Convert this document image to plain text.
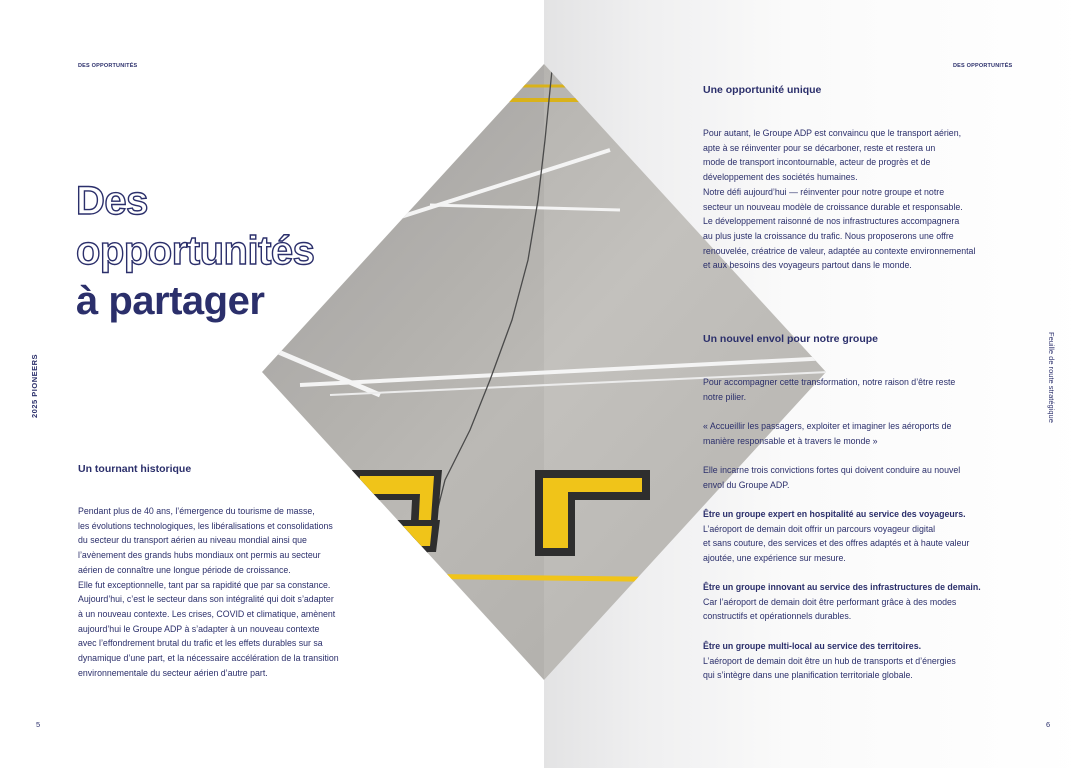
DES OPPORTUNITÉS	DES OPPORTUNITÉS
Des
opportunités
à partager
2025 PIONEERS	Feuille de route stratégique
Un tournant historique

Pendant plus de 40 ans, l’émergence du tourisme de masse,

les évolutions technologiques, les libéralisations et consolidations

du secteur du transport aérien au niveau mondial ainsi que

l’avènement des grands hubs mondiaux ont permis au secteur

aérien de connaître une longue période de croissance.

Elle fut exceptionnelle, tant par sa rapidité que par sa constance.

Aujourd’hui, c’est le secteur dans son intégralité qui doit s’adapter

à un nouveau contexte. Les crises, COVID et climatique, amènent

aujourd’hui le Groupe ADP à s’adapter à un nouveau contexte

avec l’effondrement brutal du trafic et les effets durables sur sa

dynamique d’une part, et la nécessaire accélération de la transition

environnementale du secteur aérien d’autre part.

Une opportunité unique

Pour autant, le Groupe ADP est convaincu que le transport aérien,

apte à se réinventer pour se décarboner, reste et restera un

mode de transport incontournable, acteur de progrès et de

développement des sociétés humaines.

Notre défi aujourd’hui — réinventer pour notre groupe et notre

secteur un nouveau modèle de croissance durable et responsable.

Le développement raisonné de nos infrastructures accompagnera

au plus juste la croissance du trafic. Nous proposerons une offre

renouvelée, créatrice de valeur, adaptée au contexte environnemental

et aux besoins des voyageurs partout dans le monde.

Un nouvel envol pour notre groupe

Pour accompagner cette transformation, notre raison d’être reste

notre pilier.

« Accueillir les passagers, exploiter et imaginer les aéroports de

manière responsable et à travers le monde »

Elle incarne trois convictions fortes qui doivent conduire au nouvel

envol du Groupe ADP.

Être un groupe expert en hospitalité au service des voyageurs.

L’aéroport de demain doit offrir un parcours voyageur digital

et sans couture, des services et des offres adaptés et à haute valeur

ajoutée, une expérience sur mesure.

Être un groupe innovant au service des infrastructures de demain.

Car l’aéroport de demain doit être performant grâce à des modes

constructifs et opérationnels durables.

Être un groupe multi-local au service des territoires.

L’aéroport de demain doit être un hub de transports et d’énergies

qui s’intègre dans une planification territoriale globale.

5	6
